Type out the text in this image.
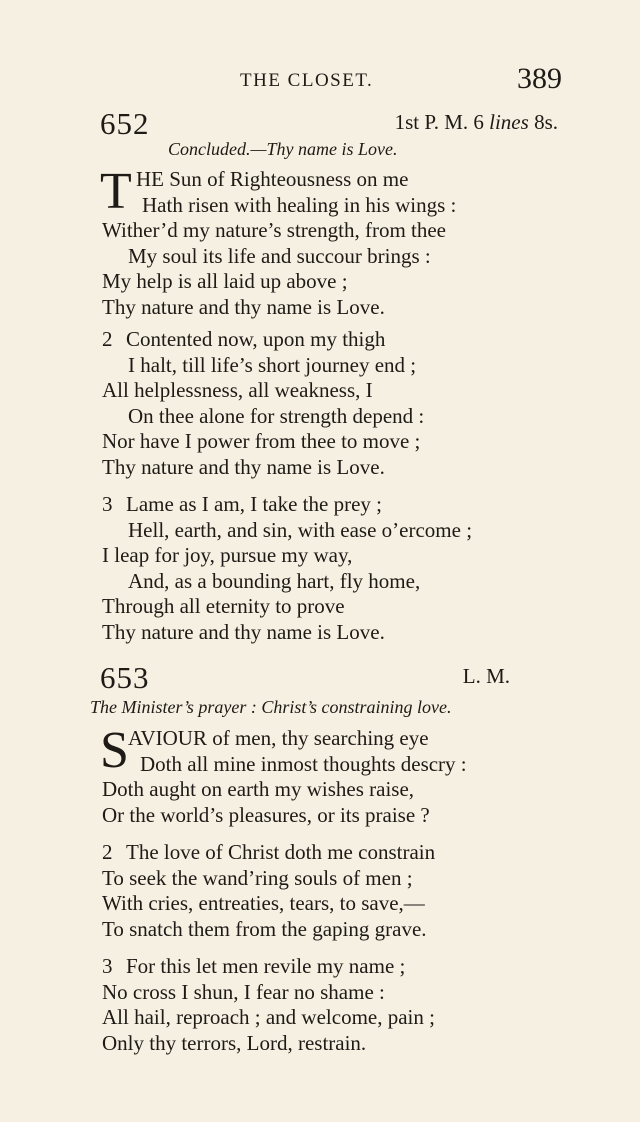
THE CLOSET.	389
652	1st P. M. 6 lines 8s.
Concluded.—Thy name is Love.
T HE Sun of Righteousness on me
Hath risen with healing in his wings :
Wither’d my nature’s strength, from thee
My soul its life and succour brings :
My help is all laid up above ;
Thy nature and thy name is Love.
2 Contented now, upon my thigh
I halt, till life’s short journey end ;
All helplessness, all weakness, I
On thee alone for strength depend :
Nor have I power from thee to move ;
Thy nature and thy name is Love.
3 Lame as I am, I take the prey ;
Hell, earth, and sin, with ease o’ercome ;
I leap for joy, pursue my way,
And, as a bounding hart, fly home,
Through all eternity to prove
Thy nature and thy name is Love.
653	L. M.
The Minister’s prayer : Christ’s constraining love.
S AVIOUR of men, thy searching eye
Doth all mine inmost thoughts descry :
Doth aught on earth my wishes raise,
Or the world’s pleasures, or its praise ?
2 The love of Christ doth me constrain
To seek the wand’ring souls of men ;
With cries, entreaties, tears, to save,—
To snatch them from the gaping grave.
3 For this let men revile my name ;
No cross I shun, I fear no shame :
All hail, reproach ; and welcome, pain ;
Only thy terrors, Lord, restrain.
